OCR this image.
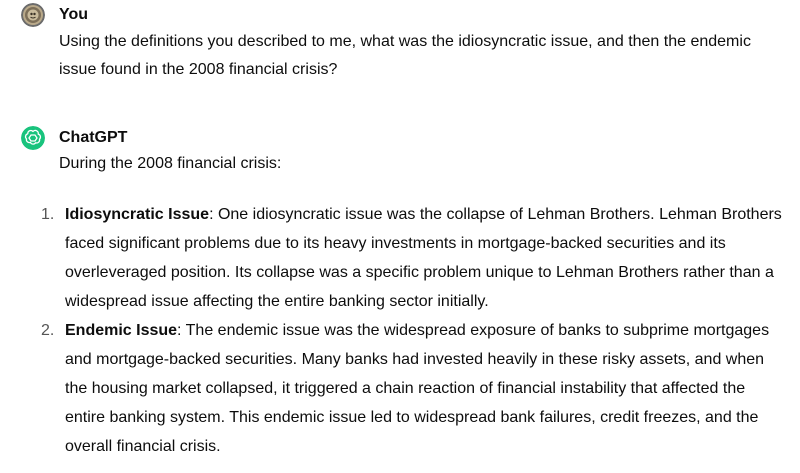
You

Using the definitions you described to me, what was the idiosyncratic issue, and then the endemic issue found in the 2008 financial crisis?

ChatGPT

During the 2008 financial crisis:

1. Idiosyncratic Issue: One idiosyncratic issue was the collapse of Lehman Brothers. Lehman Brothers faced significant problems due to its heavy investments in mortgage-backed securities and its overleveraged position. Its collapse was a specific problem unique to Lehman Brothers rather than a widespread issue affecting the entire banking sector initially.
2. Endemic Issue: The endemic issue was the widespread exposure of banks to subprime mortgages and mortgage-backed securities. Many banks had invested heavily in these risky assets, and when the housing market collapsed, it triggered a chain reaction of financial instability that affected the entire banking system. This endemic issue led to widespread bank failures, credit freezes, and the overall financial crisis.
